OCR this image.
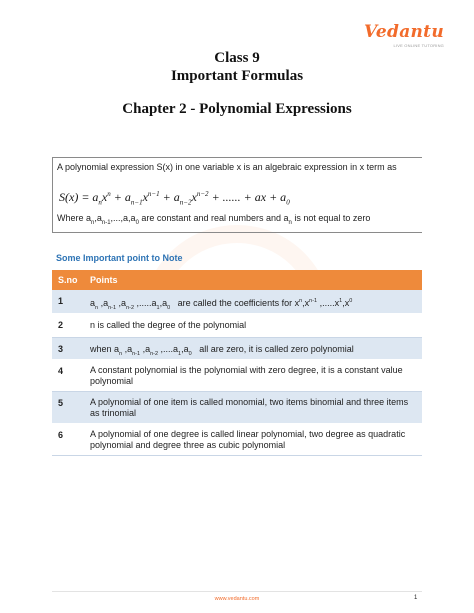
Vedantu
LIVE ONLINE TUTORING
Class 9
Important Formulas
Chapter 2 - Polynomial Expressions
A polynomial expression S(x) in one variable x is an algebraic expression in x term as
$S(x) = a_nx^n + a_{n-1}x^{n-1} + a_{n-2}x^{n-2}$ + ...... + ax + $a_0$
Where $a_n,a_{n-1},...,a,a_0$ are constant and real numbers and $a_n$ is not equal to zero
Some Important point to Note
S.no	Points
1	$a_n$ $,a_{n-1}$ $,a_{n-2}$ $,.....a_1,a_0$   are called the coefficients for $x^n,x^{n-1}$ $,.....x^1,x^0$
2	n is called the degree of the polynomial
3	when $a_n$ $,a_{n-1}$ $,a_{n-2}$ $,....a_1,a_0$   all are zero, it is called zero polynomial
4	A constant polynomial is the polynomial with zero degree, it is a constant value polynomial
5	A polynomial of one item is called monomial, two items binomial and three items as trinomial
6	A polynomial of one degree is called linear polynomial, two degree as quadratic polynomial and degree three as cubic polynomial
www.vedantu.com	1
